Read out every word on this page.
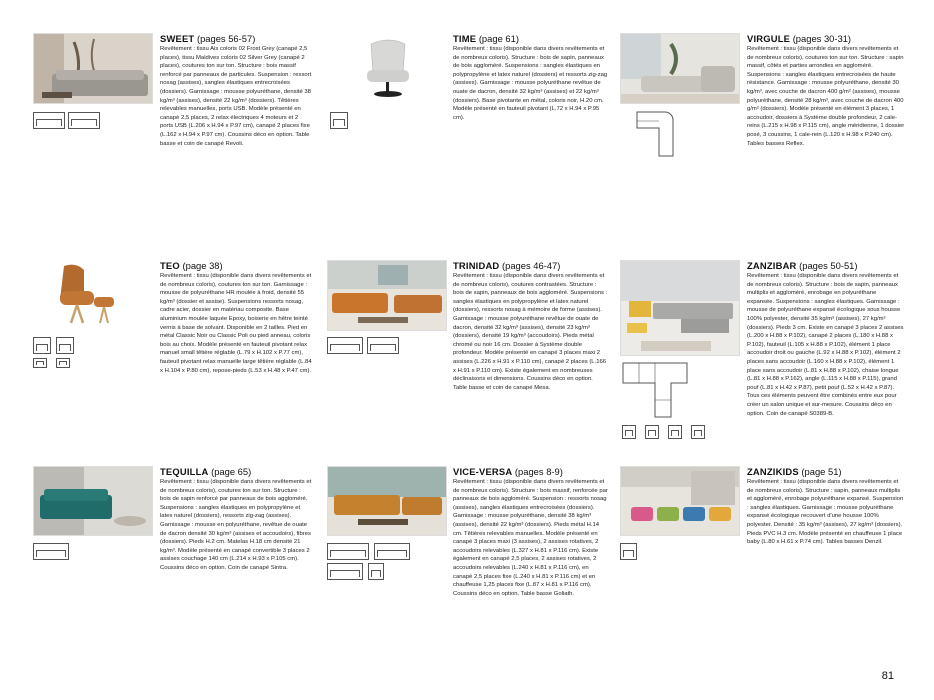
SWEET (pages 56-57)
Revêtement : tissu Ais coloris 02 Frost Grey (canapé 2,5 places), tissu Maldives coloris 02 Silver Grey (canapé 2 places), coutures ton sur ton. Structure : bois massif renforcé par panneaux de particules. Suspension : ressort nosag (assises), sangles élastiques entrecroisées (dossiers). Garnissage : mousse polyuréthane, densité 38 kg/m³ (assises), densité 22 kg/m³ (dossiers). Têtières relevables manuelles, ports USB. Modèle présenté en canapé 2,5 places, 2 relax électriques 4 moteurs et 2 ports USB (L.206 x H.94 x P.97 cm), canapé 2 places fixe (L.162 x H.94 x P.97 cm). Coussins déco en option. Table basse et coin de canapé Revoli.
TIME (page 61)
Revêtement : tissu (disponible dans divers revêtements et de nombreux coloris). Structure : bois de sapin, panneaux de bois aggloméré. Suspensions : sangles élastiques en polypropylène et latex naturel (dossiers) et ressorts zig-zag (assises). Garnissage : mousse polyuréthane revêtue de ouate de dacron, densité 32 kg/m³ (assises) et 22 kg/m³ (dossiers). Base pivotante en métal, coloris noir, H.20 cm. Modèle présenté en fauteuil pivotant (L.72 x H.94 x P.95 cm).
VIRGULE (pages 30-31)
Revêtement : tissu (disponible dans divers revêtements et de nombreux coloris), coutures ton sur ton. Structure : sapin massif, côtés et parties arrondies en aggloméré. Suspensions : sangles élastiques entrecroisées de haute résistance. Garnissage : mousse polyuréthane, densité 30 kg/m³, avec couche de dacron 400 g/m² (assises), mousse polyuréthane, densité 28 kg/m³, avec couche de dacron 400 g/m² (dossiers). Modèle présenté en élément 3 places, 1 accoudoir, dossiers à Système double profondeur, 2 cale-reins (L.215 x H.98 x P.115 cm), angle méridienne, 1 dossier posé, 3 coussins, 1 cale-rein (L.120 x H.98 x P.240 cm). Tables basses Reflex.
TEO (page 38)
Revêtement : tissu (disponible dans divers revêtements et de nombreux coloris), coutures ton sur ton. Garnissage : mousse de polyuréthane HR moulée à froid, densité 55 kg/m³ (dossier et assise). Suspensions ressorts nosag, cadre acier, dossier en matériau composite. Base aluminium moulée laquée Epoxy, boiserie en hêtre teinté vernis à base de solvant. Disponible en 2 tailles. Pied en métal Classic Noir ou Classic Poli ou pied anneau, coloris bois au choix. Modèle présenté en fauteuil pivotant relax manuel small têtière réglable (L.79 x H.102 x P.77 cm), fauteuil pivotant relax manuelle large têtière réglable (L.84 x H.104 x P.80 cm), repose-pieds (L.53 x H.48 x P.47 cm).
TRINIDAD (pages 46-47)
Revêtement : tissu (disponible dans divers revêtements et de nombreux coloris), coutures contrastées. Structure : bois de sapin, panneaux de bois aggloméré. Suspensions : sangles élastiques en polypropylène et latex naturel (dossiers), ressorts nosag à mémoire de forme (assises). Garnissage : mousse polyuréthane revêtue de ouate de dacron, densité 32 kg/m³ (assises), densité 23 kg/m³ (dossiers), densité 19 kg/m³ (accoudoirs). Pieds métal chromé ou noir 16 cm. Dossier à Système double profondeur. Modèle présenté en canapé 3 places maxi 2 assises (L.226 x H.91 x P.110 cm), canapé 2 places (L.166 x H.91 x P.110 cm). Existe également en nombreuses déclinaisons et dimensions. Coussins déco en option. Table basse et coin de canapé Mesa.
ZANZIBAR (pages 50-51)
Revêtement : tissu (disponible dans divers revêtements et de nombreux coloris). Structure : bois de sapin, panneaux multiplis et aggloméré, enrobage en polyuréthane expansée. Suspensions : sangles élastiques. Garnissage : mousse de polyuréthane expansé écologique sous housse 100% polyester, densité 35 kg/m³ (assises), 27 kg/m³ (dossiers). Pieds 3 cm. Existe en canapé 3 places 2 assises (L.200 x H.88 x P.102), canapé 2 places (L.180 x H.88 x P.102), fauteuil (L.105 x H.88 x P.102), élément 1 place accoudoir droit ou gauche (L.92 x H.88 x P.102), élément 2 places sans accoudoir (L.160 x H.88 x P.102), élément 1 place sans accoudoir (L.81 x H.88 x P.102), chaise longue (L.81 x H.88 x P.162), angle (L.115 x H.88 x P.115), grand pouf (L.81 x H.42 x P.87), petit pouf (L.52 x H.42 x P.87). Tous ces éléments peuvent être combinés entre eux pour créer un salon unique et sur-mesure. Coussins déco en option. Coin de canapé S0389-B.
TEQUILLA (page 65)
Revêtement : tissu (disponible dans divers revêtements et de nombreux coloris), coutures ton sur ton. Structure : bois de sapin renforcé par panneaux de bois aggloméré. Suspensions : sangles élastiques en polypropylène et latex naturel (dossiers), ressorts zig-zag (assises). Garnissage : mousse en polyuréthane, revêtue de ouate de dacron densité 30 kg/m³ (assises et accoudoirs), fibres (dossiers). Pieds H.2 cm. Matelas H.18 cm densité 21 kg/m³. Modèle présenté en canapé convertible 3 places 2 assises couchage 140 cm (L.214 x H.93 x P.105 cm). Coussins déco en option. Coin de canapé Sintra.
VICE-VERSA (pages 8-9)
Revêtement : tissu (disponible dans divers revêtements et de nombreux coloris). Structure : bois massif, renforcée par panneaux de bois aggloméré. Suspension : ressorts nosag (assises), sangles élastiques entrecroisées (dossiers). Garnissage : mousse polyuréthane, densité 38 kg/m³ (assises), densité 22 kg/m³ (dossiers). Pieds métal H.14 cm. Têtières relevables manuelles. Modèle présenté en canapé 3 places maxi (3 assises), 2 assises rotatives, 2 accoudoirs relevables (L.327 x H.81 x P.116 cm). Existe également en canapé 2,5 places, 2 assises rotatives, 2 accoudoirs relevables (L.240 x H.81 x P.116 cm), en canapé 2,5 places fixe (L.240 x H.81 x P.116 cm) et en chauffeuse 1,25 places fixe (L.87 x H.81 x P.116 cm). Coussins déco en option. Table basse Goliath.
ZANZIKIDS (page 51)
Revêtement : tissu (disponible dans divers revêtements et de nombreux coloris). Structure : sapin, panneaux multiplis et aggloméré, enrobage polyuréthane expansé. Suspension : sangles élastiques. Garnissage : mousse polyuréthane expansé écologique recouvert d'une housse 100% polyester. Densité : 35 kg/m³ (assises), 27 kg/m³ (dossiers). Pieds PVC H.3 cm. Modèle présenté en chauffeuse 1 place baby (L.80 x H.61 x P.74 cm). Tables basses Denzil.
81
